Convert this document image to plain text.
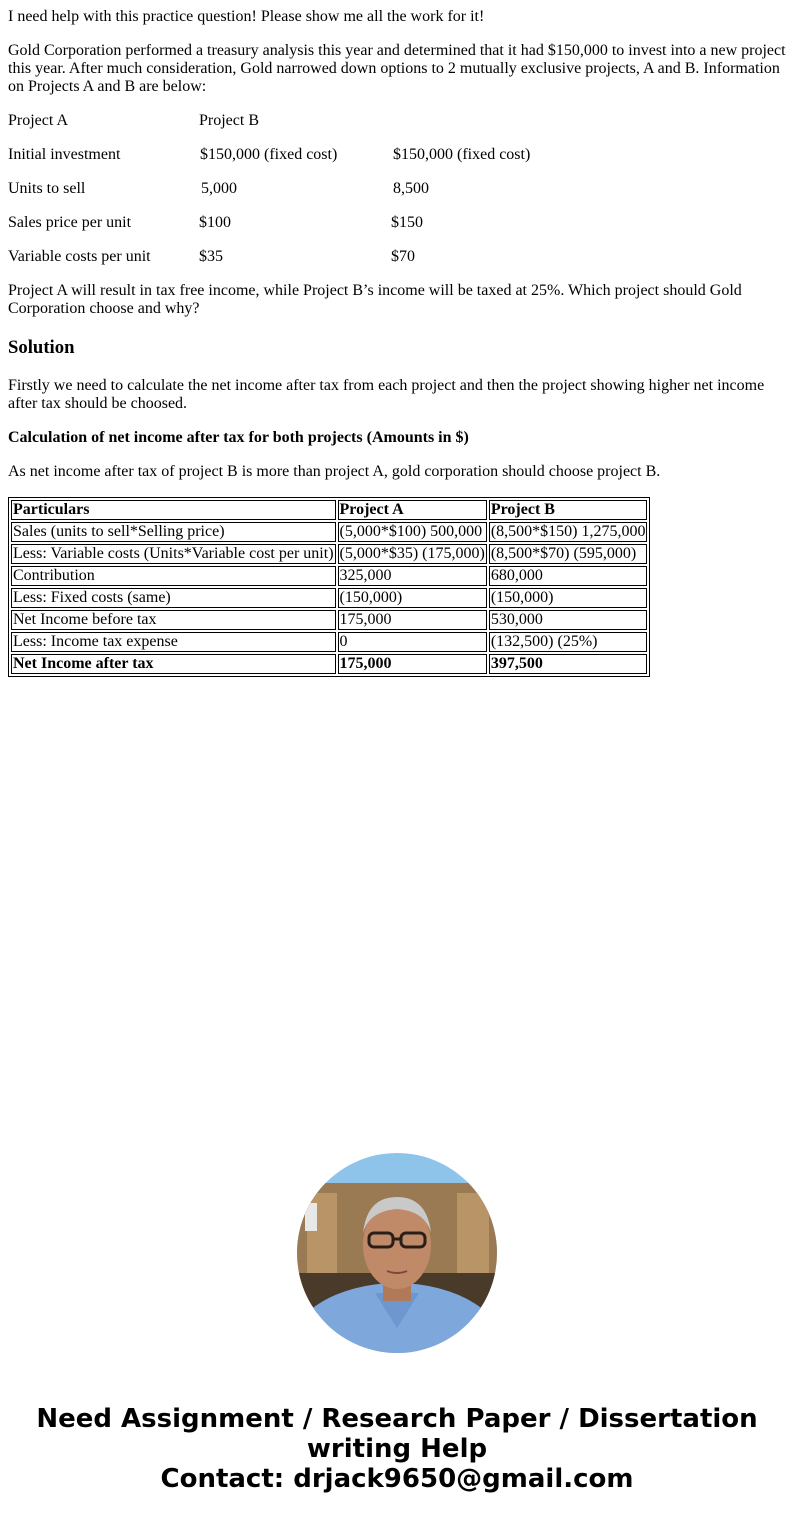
I need help with this practice question! Please show me all the work for it!

Gold Corporation performed a treasury analysis this year and determined that it had $150,000 to invest into a new project this year. After much consideration, Gold narrowed down options to 2 mutually exclusive projects, A and B. Information on Projects A and B are below:

Project A	Project B
Initial investment	$150,000 (fixed cost)	$150,000 (fixed cost)
Units to sell	5,000	8,500
Sales price per unit	$100	$150
Variable costs per unit	$35	$70

Project A will result in tax free income, while Project B’s income will be taxed at 25%. Which project should Gold Corporation choose and why?

Solution

Firstly we need to calculate the net income after tax from each project and then the project showing higher net income after tax should be choosed.

Calculation of net income after tax for both projects (Amounts in $)

As net income after tax of project B is more than project A, gold corporation should choose project B.

Particulars	Project A	Project B
Sales (units to sell*Selling price)	(5,000*$100) 500,000	(8,500*$150) 1,275,000
Less: Variable costs (Units*Variable cost per unit)	(5,000*$35) (175,000)	(8,500*$70) (595,000)
Contribution	325,000	680,000
Less: Fixed costs (same)	(150,000)	(150,000)
Net Income before tax	175,000	530,000
Less: Income tax expense	0	(132,500) (25%)
Net Income after tax	175,000	397,500
Need Assignment / Research Paper / Dissertation
writing Help
Contact: drjack9650@gmail.com
